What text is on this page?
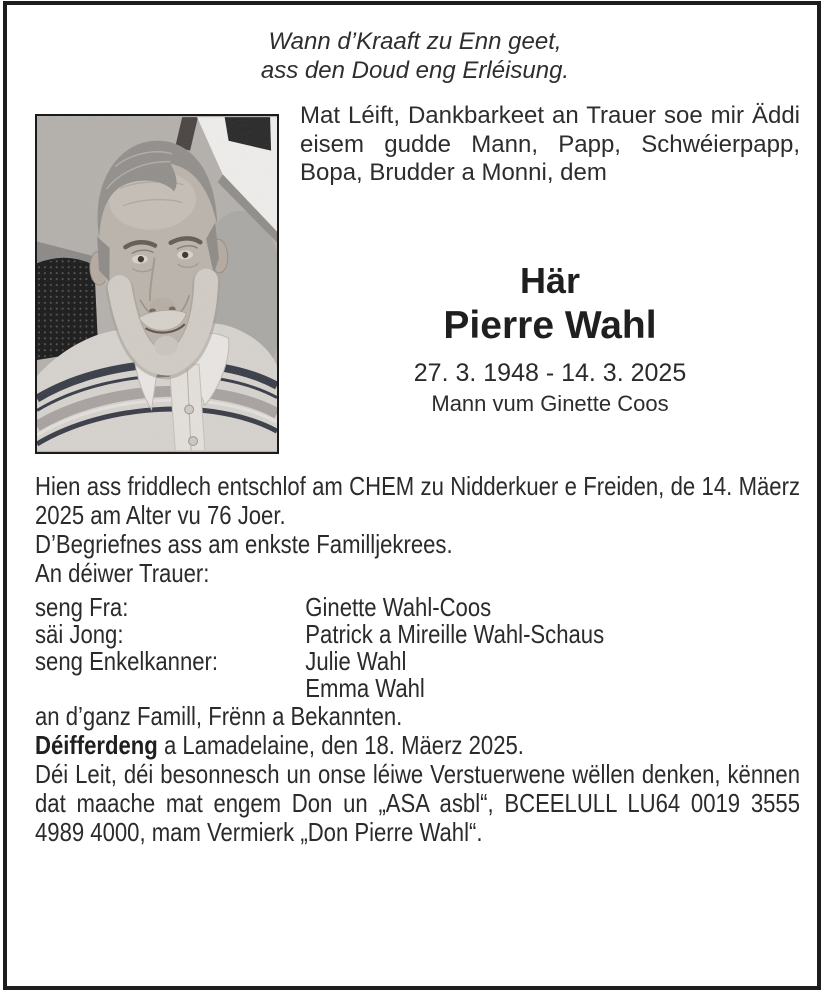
Wann d’Kraaft zu Enn geet,
ass den Doud eng Erléisung.
Mat Léift, Dankbarkeet an Trauer soe mir Äddi eisem gudde Mann, Papp, Schwéierpapp, Bopa, Brudder a Monni, dem
Här
Pierre Wahl
27. 3. 1948 - 14. 3. 2025
Mann vum Ginette Coos

Hien ass friddlech entschlof am CHEM zu Nidderkuer e Freiden, de 14. Mäerz 2025 am Alter vu 76 Joer.

D’Begriefnes ass am enkste Familljekrees.

An déiwer Trauer:

seng Fra:	Ginette Wahl-Coos
säi Jong:	Patrick a Mireille Wahl-Schaus
seng Enkelkanner:	Julie Wahl
Emma Wahl

an d’ganz Famill, Frënn a Bekannten.

Déifferdeng a Lamadelaine, den 18. Mäerz 2025.

Déi Leit, déi besonnesch un onse léiwe Verstuerwene wëllen denken, kënnen dat maache mat engem Don un „ASA asbl“, BCEELULL LU64 0019 3555 4989 4000, mam Vermierk „Don Pierre Wahl“.
